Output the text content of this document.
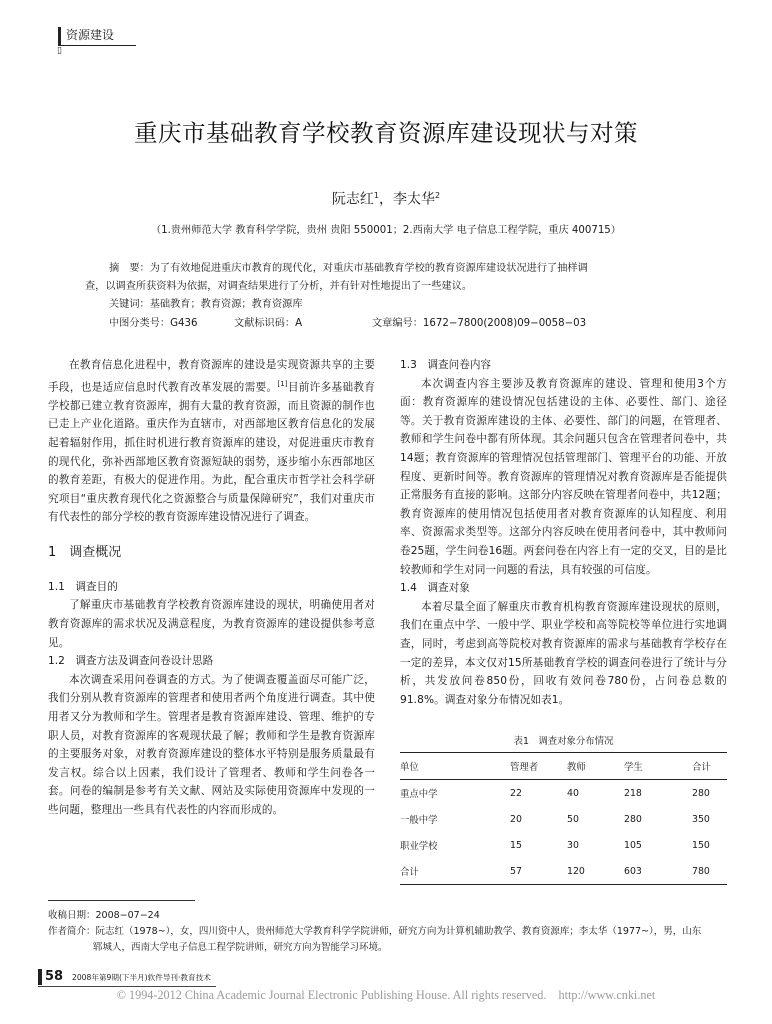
资源建设
▯
重庆市基础教育学校教育资源库建设现状与对策
阮志红$^1$，李太华$^2$
（1.贵州师范大学 教育科学学院，贵州 贵阳 550001；2.西南大学 电子信息工程学院，重庆 400715）
摘　要：为了有效地促进重庆市教育的现代化，对重庆市基础教育学校的教育资源库建设状况进行了抽样调
查，以调查所获资料为依据，对调查结果进行了分析，并有针对性地提出了一些建议。
关键词：基础教育；教育资源；教育资源库
中图分类号：G436	文献标识码：A	文章编号：1672−7800(2008)09−0058−03
在教育信息化进程中，教育资源库的建设是实现资源共享的主要手段，也是适应信息时代教育改革发展的需要。[1]目前许多基础教育学校都已建立教育资源库，拥有大量的教育资源，而且资源的制作也已走上产业化道路。重庆作为直辖市，对西部地区教育信息化的发展起着辐射作用，抓住时机进行教育资源库的建设，对促进重庆市教育的现代化，弥补西部地区教育资源短缺的弱势，逐步缩小东西部地区的教育差距，有极大的促进作用。为此，配合重庆市哲学社会科学研究项目“重庆教育现代化之资源整合与质量保障研究”，我们对重庆市有代表性的部分学校的教育资源库建设情况进行了调查。
1　调查概况
1.1　调查目的
了解重庆市基础教育学校教育资源库建设的现状，明确使用者对教育资源库的需求状况及满意程度，为教育资源库的建设提供参考意见。
1.2　调查方法及调查问卷设计思路
本次调查采用问卷调查的方式。为了使调查覆盖面尽可能广泛，我们分别从教育资源库的管理者和使用者两个角度进行调查。其中使用者又分为教师和学生。管理者是教育资源库建设、管理、维护的专职人员，对教育资源库的客观现状最了解；教师和学生是教育资源库的主要服务对象，对教育资源库建设的整体水平特别是服务质量最有发言权。综合以上因素，我们设计了管理者、教师和学生问卷各一套。问卷的编制是参考有关文献、网站及实际使用资源库中发现的一些问题，整理出一些具有代表性的内容而形成的。
1.3　调查问卷内容
本次调查内容主要涉及教育资源库的建设、管理和使用3个方面：教育资源库的建设情况包括建设的主体、必要性、部门、途径等。关于教育资源库建设的主体、必要性、部门的问题，在管理者、教师和学生问卷中都有所体现。其余问题只包含在管理者问卷中，共14题；教育资源库的管理情况包括管理部门、管理平台的功能、开放程度、更新时间等。教育资源库的管理情况对教育资源库是否能提供正常服务有直接的影响。这部分内容反映在管理者问卷中，共12题；教育资源库的使用情况包括使用者对教育资源库的认知程度、利用率、资源需求类型等。这部分内容反映在使用者问卷中，其中教师问卷25题，学生问卷16题。两套问卷在内容上有一定的交叉，目的是比较教师和学生对同一问题的看法，具有较强的可信度。
1.4　调查对象
本着尽量全面了解重庆市教育机构教育资源库建设现状的原则，我们在重点中学、一般中学、职业学校和高等院校等单位进行实地调查，同时，考虑到高等院校对教育资源库的需求与基础教育学校存在一定的差异，本文仅对15所基础教育学校的调查问卷进行了统计与分析，共发放问卷850份，回收有效问卷780份，占问卷总数的91.8%。调查对象分布情况如表1。
表1　调查对象分布情况
单位	管理者	教师	学生	合计
重点中学	22	40	218	280
一般中学	20	50	280	350
职业学校	15	30	105	150
合计	57	120	603	780
收稿日期：2008−07−24
作者简介：阮志红（1978~），女，四川资中人，贵州师范大学教育科学学院讲师，研究方向为计算机辅助教学、教育资源库；李太华（1977~），男，山东
郓城人，西南大学电子信息工程学院讲师，研究方向为智能学习环境。
58 2008年第9期(下半月)软件导刊·教育技术
© 1994-2012 China Academic Journal Electronic Publishing House. All rights reserved.　http://www.cnki.net
